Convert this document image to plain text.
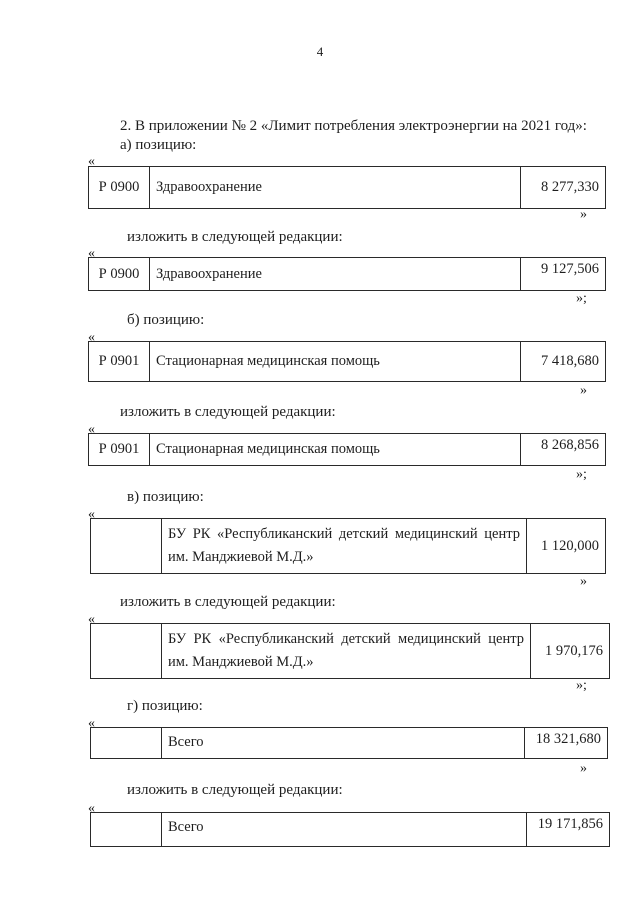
4
2. В приложении № 2 «Лимит потребления электроэнергии на 2021 год»:
а) позицию:
«
Р 0900	Здравоохранение	8 277,330
»
изложить в следующей редакции:
«
Р 0900	Здравоохранение	9 127,506
»;
б) позицию:
«
Р 0901	Стационарная медицинская помощь	7 418,680
»
изложить в следующей редакции:
«
Р 0901	Стационарная медицинская помощь	8 268,856
»;
в) позицию:
«
	БУ РК «Республиканский детский медицинский центр им. Манджиевой М.Д.»	1 120,000
»
изложить в следующей редакции:
«
	БУ РК «Республиканский детский медицинский центр им. Манджиевой М.Д.»	1 970,176
»;
г) позицию:
«
	Всего	18 321,680
»
изложить в следующей редакции:
«
	Всего	19 171,856
